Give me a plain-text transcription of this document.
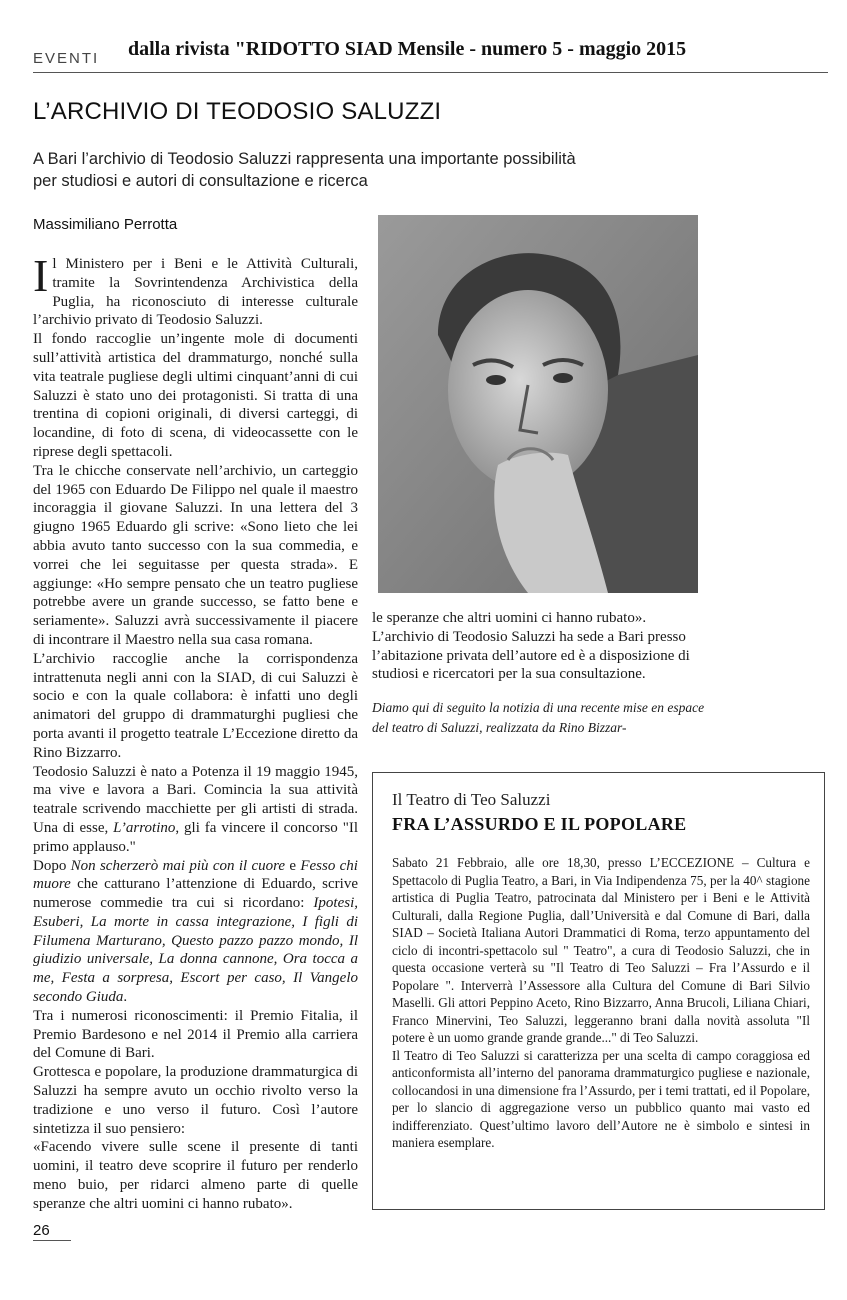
EVENTI dalla rivista "RIDOTTO SIAD Mensile - numero 5 - maggio 2015
L’ARCHIVIO DI TEODOSIO SALUZZI
A Bari l’archivio di Teodosio Saluzzi rappresenta una importante possibilità per studiosi e autori di consultazione e ricerca
Massimiliano Perrotta

Il Ministero per i Beni e le Attività Culturali, tramite la Sovrintendenza Archivistica della Puglia, ha riconosciuto di interesse culturale l’archivio privato di Teodosio Saluzzi.

Il fondo raccoglie un’ingente mole di documenti sull’attività artistica del drammaturgo, nonché sulla vita teatrale pugliese degli ultimi cinquant’anni di cui Saluzzi è stato uno dei protagonisti. Si tratta di una trentina di copioni originali, di diversi carteggi, di locandine, di foto di scena, di videocassette con le riprese degli spettacoli.

Tra le chicche conservate nell’archivio, un carteggio del 1965 con Eduardo De Filippo nel quale il maestro incoraggia il giovane Saluzzi. In una lettera del 3 giugno 1965 Eduardo gli scrive: «Sono lieto che lei abbia avuto tanto successo con la sua commedia, e vorrei che lei seguitasse per questa strada». E aggiunge: «Ho sempre pensato che un teatro pugliese potrebbe avere un grande successo, se fatto bene e seriamente». Saluzzi avrà successivamente il piacere di incontrare il Maestro nella sua casa romana.

L’archivio raccoglie anche la corrispondenza intrattenuta negli anni con la SIAD, di cui Saluzzi è socio e con la quale collabora: è infatti uno degli animatori del gruppo di drammaturghi pugliesi che porta avanti il progetto teatrale L’Eccezione diretto da Rino Bizzarro.

Teodosio Saluzzi è nato a Potenza il 19 maggio 1945, ma vive e lavora a Bari. Comincia la sua attività teatrale scrivendo macchiette per gli artisti di strada. Una di esse, L’arrotino, gli fa vincere il concorso "Il primo applauso."

Dopo Non scherzerò mai più con il cuore e Fesso chi muore che catturano l’attenzione di Eduardo, scrive numerose commedie tra cui si ricordano: Ipotesi, Esuberi, La morte in cassa integrazione, I figli di Filumena Marturano, Questo pazzo pazzo mondo, Il giudizio universale, La donna cannone, Ora tocca a me, Festa a sorpresa, Escort per caso, Il Vangelo secondo Giuda.

Tra i numerosi riconoscimenti: il Premio Fitalia, il Premio Bardesono e nel 2014 il Premio alla carriera del Comune di Bari.

Grottesca e popolare, la produzione drammaturgica di Saluzzi ha sempre avuto un occhio rivolto verso la tradizione e uno verso il futuro. Così l’autore sintetizza il suo pensiero:

«Facendo vivere sulle scene il presente di tanti uomini, il teatro deve scoprire il futuro per renderlo meno buio, per ridarci almeno parte di quelle speranze che altri uomini ci hanno rubato».

le speranze che altri uomini ci hanno rubato».

L’archivio di Teodosio Saluzzi ha sede a Bari presso l’abitazione privata dell’autore ed è a disposizione di studiosi e ricercatori per la sua consultazione.

Diamo qui di seguito la notizia di una recente mise en espace del teatro di Saluzzi, realizzata da Rino Bizzar-

Il Teatro di Teo Saluzzi
FRA L’ASSURDO E IL POPOLARE

Sabato 21 Febbraio, alle ore 18,30, presso L’ECCEZIONE – Cultura e Spettacolo di Puglia Teatro, a Bari, in Via Indipendenza 75, per la 40^ stagione artistica di Puglia Teatro, patrocinata dal Ministero per i Beni e le Attività Culturali, dalla Regione Puglia, dall’Università e dal Comune di Bari, dalla SIAD – Società Italiana Autori Drammatici di Roma, terzo appuntamento del ciclo di incontri-spettacolo sul " Teatro", a cura di Teodosio Saluzzi, che in questa occasione verterà su "Il Teatro di Teo Saluzzi – Fra l’Assurdo e il Popolare ". Interverrà l’Assessore alla Cultura del Comune di Bari Silvio Maselli. Gli attori Peppino Aceto, Rino Bizzarro, Anna Brucoli, Liliana Chiari, Franco Minervini, Teo Saluzzi, leggeranno brani dalla novità assoluta "Il potere è un uomo grande grande grande..." di Teo Saluzzi.

Il Teatro di Teo Saluzzi si caratterizza per una scelta di campo coraggiosa ed anticonformista all’interno del panorama drammaturgico pugliese e nazionale, collocandosi in una dimensione fra l’Assurdo, per i temi trattati, ed il Popolare, per lo slancio di aggregazione verso un pubblico quanto mai vasto ed indifferenziato. Quest’ultimo lavoro dell’Autore ne è simbolo e sintesi in maniera esemplare.

26
